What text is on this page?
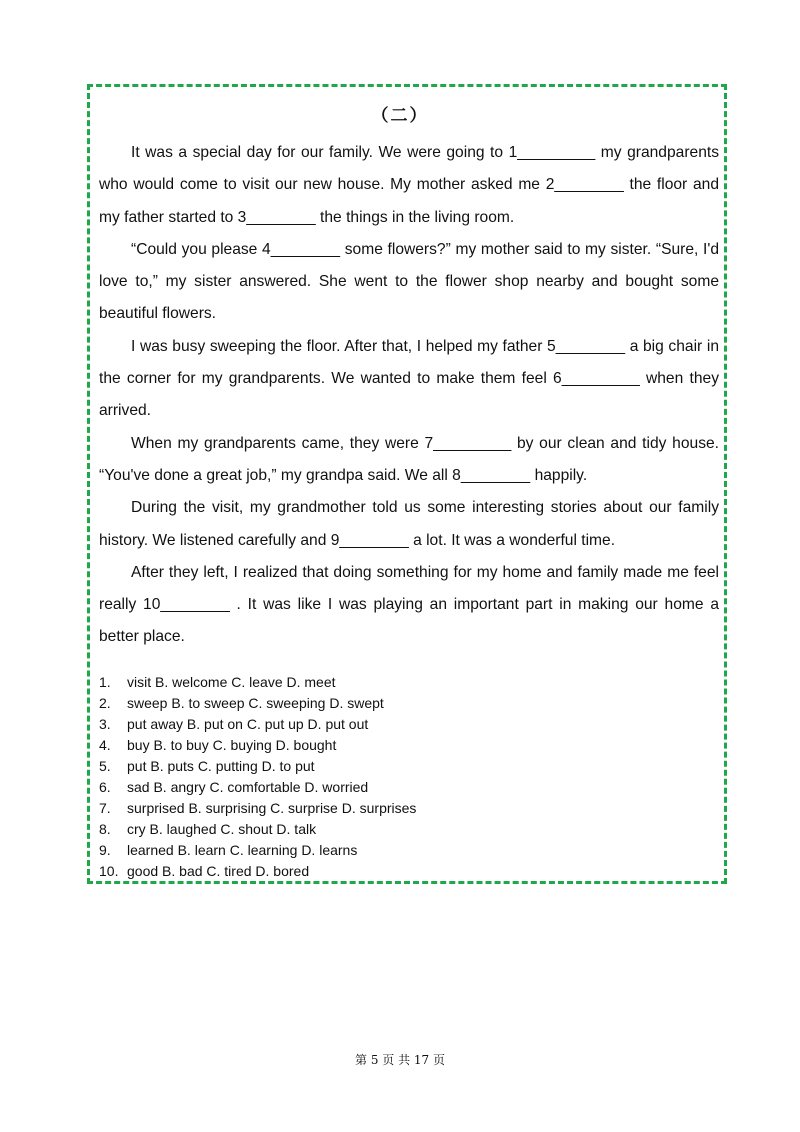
（二）

It was a special day for our family. We were going to 1_________ my grandparents who would come to visit our new house. My mother asked me 2________ the floor and my father started to 3________ the things in the living room.

“Could you please 4________ some flowers?” my mother said to my sister. “Sure, I'd love to,” my sister answered. She went to the flower shop nearby and bought some beautiful flowers.

I was busy sweeping the floor. After that, I helped my father 5________ a big chair in the corner for my grandparents. We wanted to make them feel 6_________ when they arrived.

When my grandparents came, they were 7_________ by our clean and tidy house. “You've done a great job,” my grandpa said. We all 8________ happily.

During the visit, my grandmother told us some interesting stories about our family history. We listened carefully and 9________ a lot. It was a wonderful time.

After they left, I realized that doing something for my home and family made me feel really 10________ . It was like I was playing an important part in making our home a better place.

1.	visit B. welcome C. leave D. meet
2.	sweep B. to sweep C. sweeping D. swept
3.	put away B. put on C. put up D. put out
4.	buy B. to buy C. buying D. bought
5.	put B. puts C. putting D. to put
6.	sad B. angry C. comfortable D. worried
7.	surprised B. surprising C. surprise D. surprises
8.	cry B. laughed C. shout D. talk
9.	learned B. learn C. learning D. learns
10. good B. bad C. tired D. bored
第 5 页 共 17 页
